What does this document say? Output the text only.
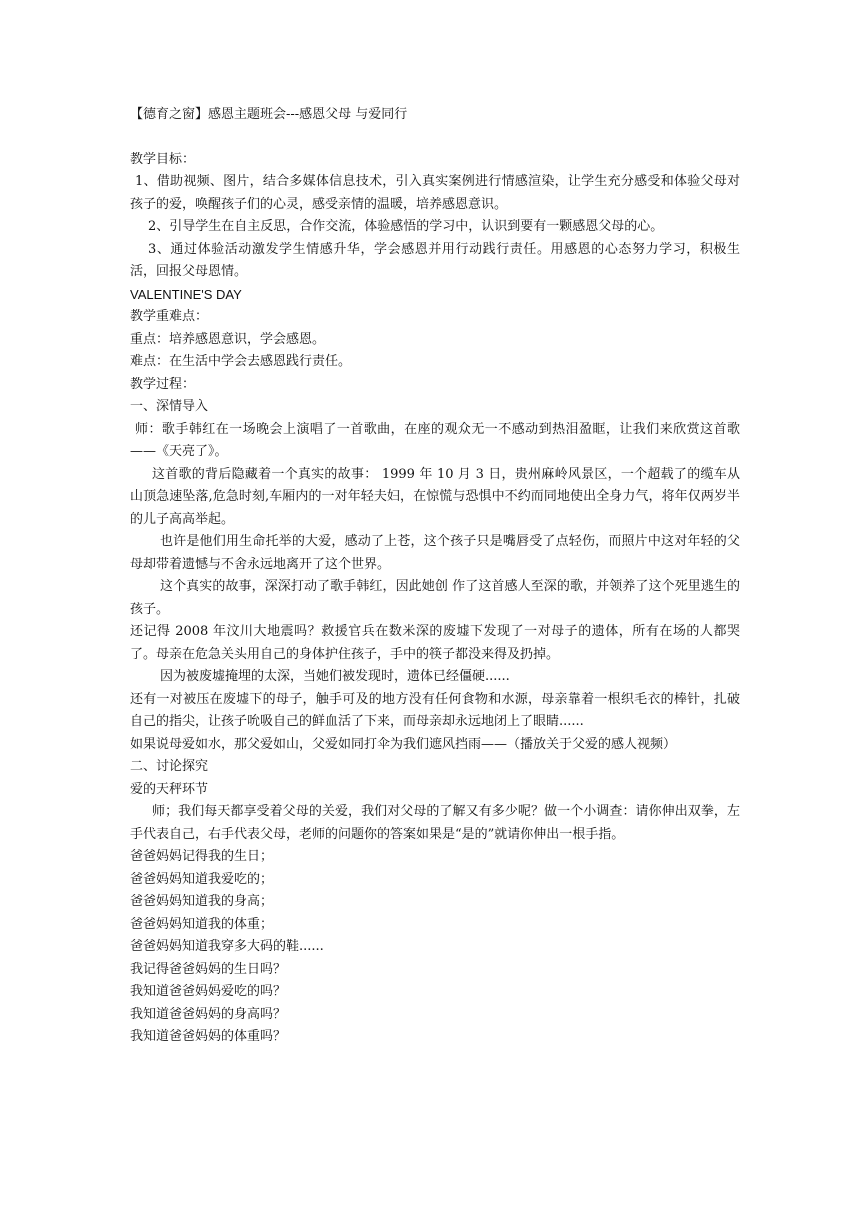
【德育之窗】感恩主题班会---感恩父母 与爱同行

教学目标：

1、借助视频、图片，结合多媒体信息技术，引入真实案例进行情感渲染，让学生充分感受和体验父母对孩子的爱，唤醒孩子们的心灵，感受亲情的温暖，培养感恩意识。

2、引导学生在自主反思，合作交流，体验感悟的学习中，认识到要有一颗感恩父母的心。

3、通过体验活动激发学生情感升华，学会感恩并用行动践行责任。用感恩的心态努力学习，积极生活，回报父母恩情。

VALENTINE'S DAY

教学重难点：

重点：培养感恩意识，学会感恩。

难点：在生活中学会去感恩践行责任。

教学过程：

一、深情导入

师：歌手韩红在一场晚会上演唱了一首歌曲，在座的观众无一不感动到热泪盈眶，让我们来欣赏这首歌——《天亮了》。

这首歌的背后隐藏着一个真实的故事： 1999 年 10 月 3 日，贵州麻岭风景区，一个超载了的缆车从山顶急速坠落,危急时刻,车厢内的一对年轻夫妇，在惊慌与恐惧中不约而同地使出全身力气，将年仅两岁半的儿子高高举起。

也许是他们用生命托举的大爱，感动了上苍，这个孩子只是嘴唇受了点轻伤，而照片中这对年轻的父母却带着遗憾与不舍永远地离开了这个世界。

这个真实的故事，深深打动了歌手韩红，因此她创 作了这首感人至深的歌，并领养了这个死里逃生的孩子。

还记得 2008 年汶川大地震吗？救援官兵在数米深的废墟下发现了一对母子的遗体，所有在场的人都哭了。母亲在危急关头用自己的身体护住孩子，手中的筷子都没来得及扔掉。

因为被废墟掩埋的太深，当她们被发现时，遗体已经僵硬......

还有一对被压在废墟下的母子，触手可及的地方没有任何食物和水源，母亲靠着一根织毛衣的棒针，扎破自己的指尖，让孩子吮吸自己的鲜血活了下来，而母亲却永远地闭上了眼睛......

如果说母爱如水，那父爱如山，父爱如同打伞为我们遮风挡雨——（播放关于父爱的感人视频）

二、讨论探究

爱的天秤环节

师；我们每天都享受着父母的关爱，我们对父母的了解又有多少呢？做一个小调查：请你伸出双拳，左手代表自己，右手代表父母，老师的问题你的答案如果是“是的”就请你伸出一根手指。

爸爸妈妈记得我的生日；

爸爸妈妈知道我爱吃的；

爸爸妈妈知道我的身高；

爸爸妈妈知道我的体重；

爸爸妈妈知道我穿多大码的鞋......

我记得爸爸妈妈的生日吗？

我知道爸爸妈妈爱吃的吗？

我知道爸爸妈妈的身高吗？

我知道爸爸妈妈的体重吗？
